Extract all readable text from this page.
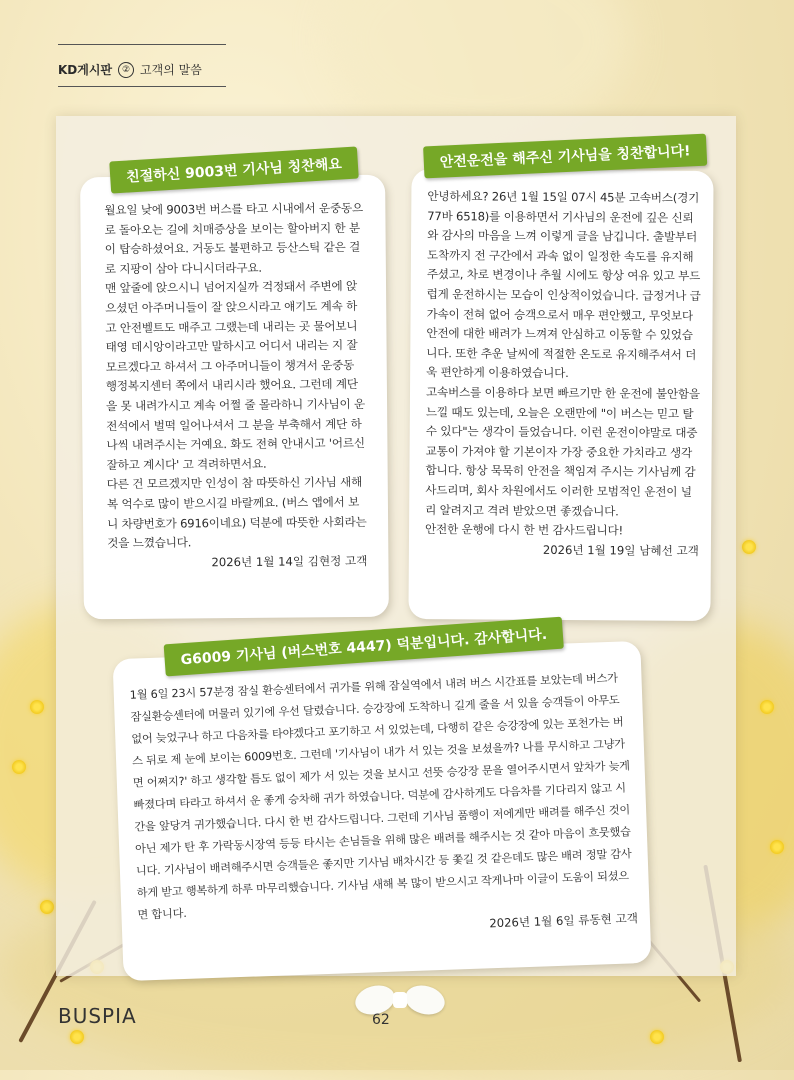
KD게시판	② 고객의 말씀
친절하신 9003번 기사님 칭찬해요

월요일 낮에 9003번 버스를 타고 시내에서 운중동으로 돌아오는 길에 치매증상을 보이는 할아버지 한 분이 탑승하셨어요. 거동도 불편하고 등산스틱 같은 걸로 지팡이 삼아 다니시더라구요.

맨 앞줄에 앉으시니 넘어지실까 걱정돼서 주변에 앉으셨던 아주머니들이 잘 앉으시라고 얘기도 계속 하고 안전벨트도 매주고 그랬는데 내리는 곳 물어보니 태영 데시앙이라고만 말하시고 어디서 내리는 지 잘 모르겠다고 하셔서 그 아주머니들이 챙겨서 운중동 행정복지센터 쪽에서 내리시라 했어요. 그런데 계단을 못 내려가시고 계속 어쩔 줄 몰라하니 기사님이 운전석에서 벌떡 일어나셔서 그 분을 부축해서 계단 하나씩 내려주시는 거예요. 화도 전혀 안내시고 '어르신 잘하고 계시다' 고 격려하면서요.

다른 건 모르겠지만 인성이 참 따뜻하신 기사님 새해 복 억수로 많이 받으시길 바랄께요. (버스 앱에서 보니 차량번호가 6916이네요) 덕분에 따뜻한 사회라는 것을 느꼈습니다.

2026년 1월 14일 김현정 고객
안전운전을 해주신 기사님을 칭찬합니다!

안녕하세요? 26년 1월 15일 07시 45분 고속버스(경기77바 6518)를 이용하면서 기사님의 운전에 깊은 신뢰와 감사의 마음을 느껴 이렇게 글을 남깁니다. 출발부터 도착까지 전 구간에서 과속 없이 일정한 속도를 유지해 주셨고, 차로 변경이나 추월 시에도 항상 여유 있고 부드럽게 운전하시는 모습이 인상적이었습니다. 급정거나 급가속이 전혀 없어 승객으로서 매우 편안했고, 무엇보다 안전에 대한 배려가 느껴져 안심하고 이동할 수 있었습니다. 또한 추운 날씨에 적절한 온도로 유지해주셔서 더욱 편안하게 이용하였습니다.

고속버스를 이용하다 보면 빠르기만 한 운전에 불안함을 느낄 때도 있는데, 오늘은 오랜만에 "이 버스는 믿고 탈 수 있다"는 생각이 들었습니다. 이런 운전이야말로 대중교통이 가져야 할 기본이자 가장 중요한 가치라고 생각합니다. 항상 묵묵히 안전을 책임져 주시는 기사님께 감사드리며, 회사 차원에서도 이러한 모범적인 운전이 널리 알려지고 격려 받았으면 좋겠습니다.

안전한 운행에 다시 한 번 감사드립니다!

2026년 1월 19일 남혜선 고객
G6009 기사님 (버스번호 4447) 덕분입니다. 감사합니다.

1월 6일 23시 57분경 잠실 환승센터에서 귀가를 위해 잠실역에서 내려 버스 시간표를 보았는데 버스가 잠실환승센터에 머물러 있기에 우선 달렸습니다. 승강장에 도착하니 길게 줄을 서 있을 승객들이 아무도 없어 늦었구나 하고 다음차를 타야겠다고 포기하고 서 있었는데, 다행히 같은 승강장에 있는 포천가는 버스 뒤로 제 눈에 보이는 6009번호. 그런데 '기사님이 내가 서 있는 것을 보셨을까? 나를 무시하고 그냥가면 어쩌지?' 하고 생각할 틈도 없이 제가 서 있는 것을 보시고 선뜻 승강장 문을 열어주시면서 앞차가 늦게 빠졌다며 타라고 하셔서 운 좋게 승차해 귀가 하였습니다. 덕분에 감사하게도 다음차를 기다리지 않고 시간을 앞당겨 귀가했습니다. 다시 한 번 감사드립니다. 그런데 기사님 품행이 저에게만 배려를 해주신 것이 아닌 제가 탄 후 가락동시장역 등등 타시는 손님들을 위해 많은 배려를 해주시는 것 같아 마음이 흐뭇했습니다. 기사님이 배려해주시면 승객들은 좋지만 기사님 배차시간 등 쫓길 것 같은데도 많은 배려 정말 감사하게 받고 행복하게 하루 마무리했습니다. 기사님 새해 복 많이 받으시고 작게나마 이글이 도움이 되셨으면 합니다.	2026년 1월 6일 류동현 고객
BUSPIA	62
